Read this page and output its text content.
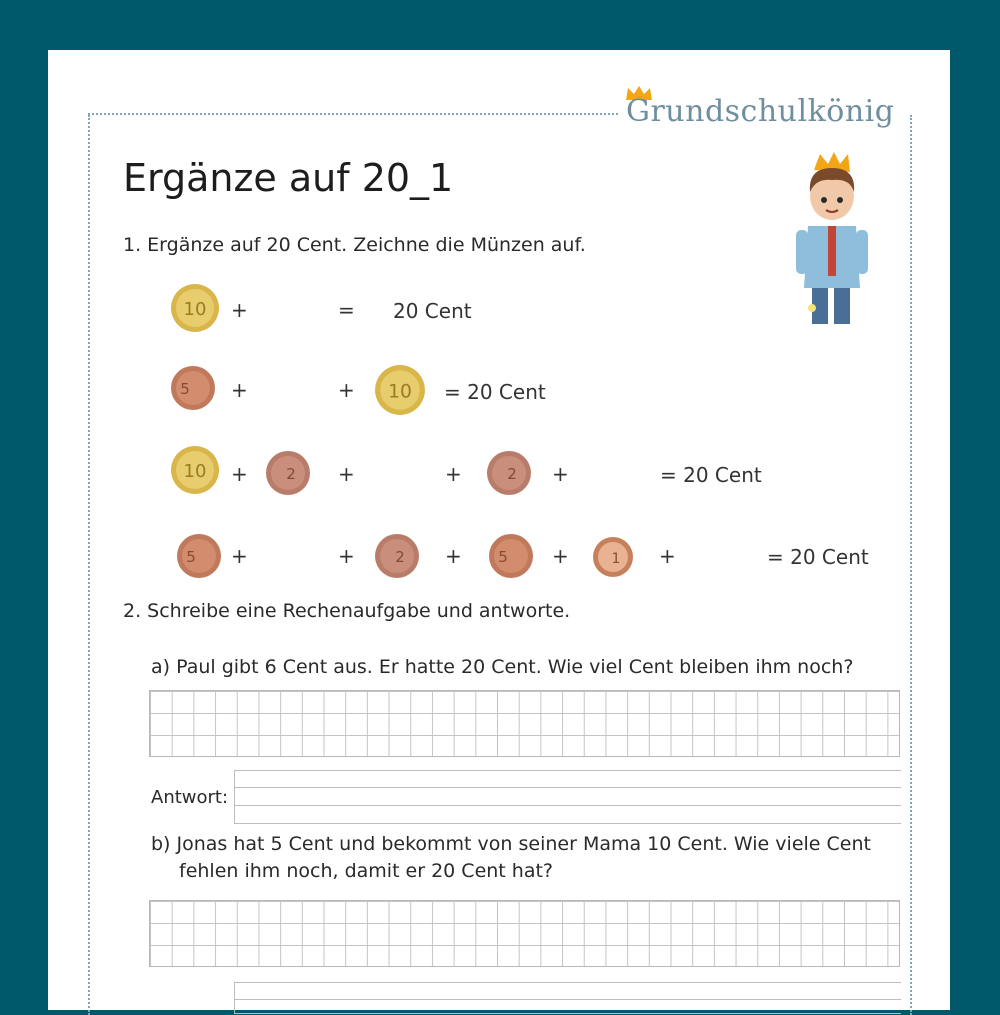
Grundschulkönig
Ergänze auf 20_1
1. Ergänze auf 20 Cent. Zeichne die Münzen auf.
10 +	= 20 Cent
5 +	+ 10 = 20 Cent
10 +	2 +	+	2 +	= 20 Cent
5 +	+	2 + 5 +	1 +	= 20 Cent
2. Schreibe eine Rechenaufgabe und antworte.
a) Paul gibt 6 Cent aus. Er hatte 20 Cent. Wie viel Cent bleiben ihm noch?
Antwort:
b) Jonas hat 5 Cent und bekommt von seiner Mama 10 Cent. Wie viele Cent
fehlen ihm noch, damit er 20 Cent hat?
